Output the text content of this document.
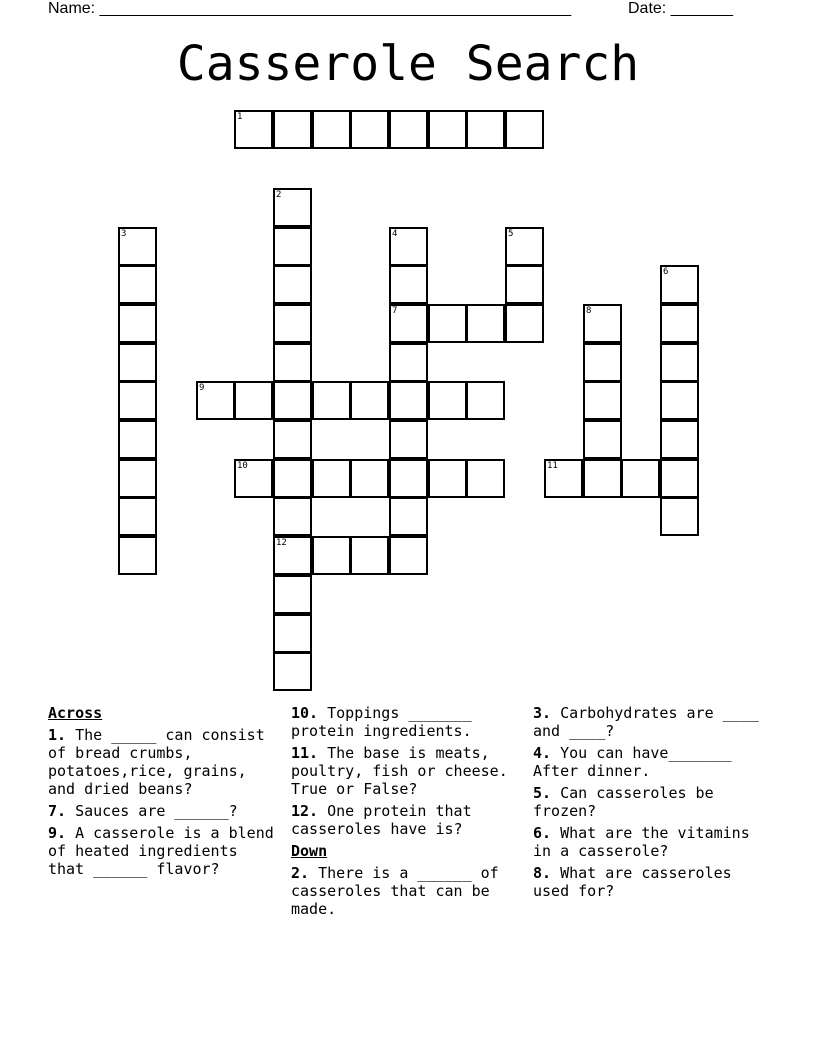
Name: _____________________________________________________	Date: _______
Casserole Search
1
2
12
3	4
7
5
6
8
9
10	11
Across
1. The _____ can consist of bread crumbs, potatoes,rice, grains, and dried beans?
7. Sauces are ______?
9. A casserole is a blend of heated ingredients that ______ flavor?
10. Toppings _______ protein ingredients.
11. The base is meats, poultry, fish or cheese. True or False?
12. One protein that casseroles have is?
Down
2. There is a ______ of casseroles that can be made.
3. Carbohydrates are ____ and ____?
4. You can have_______ After dinner.
5. Can casseroles be frozen?
6. What are the vitamins in a casserole?
8. What are casseroles used for?
